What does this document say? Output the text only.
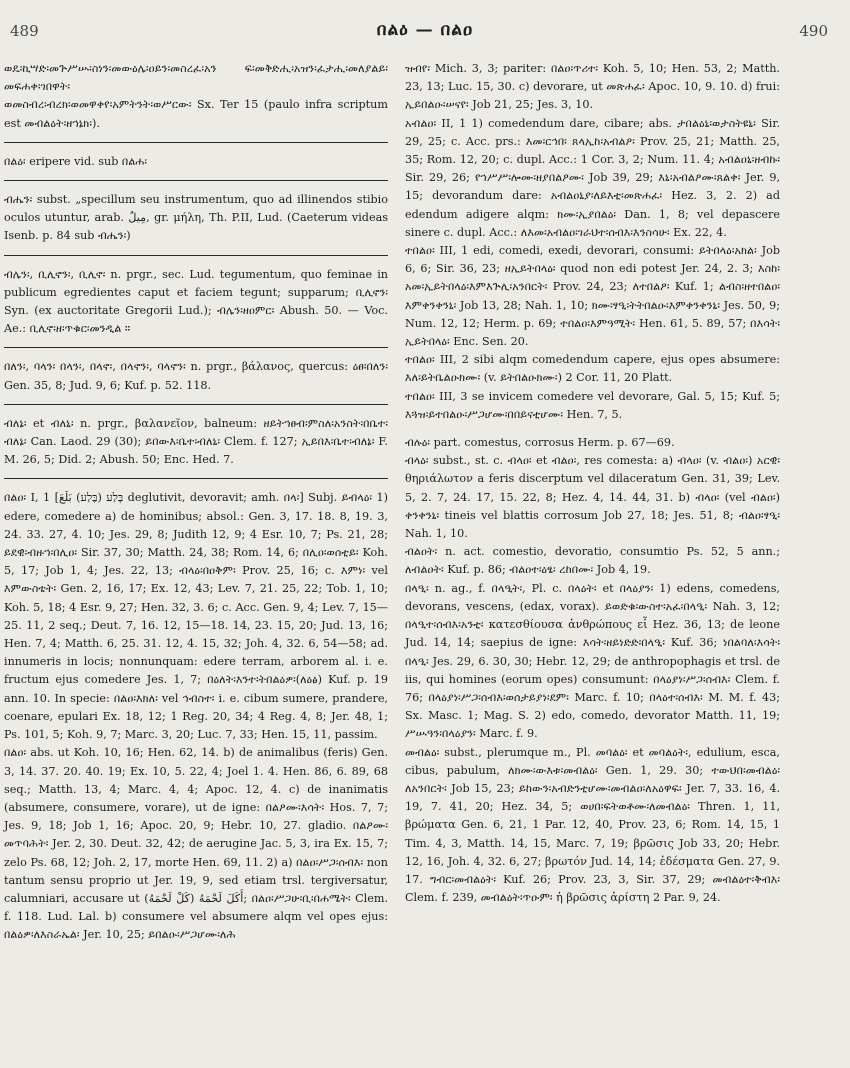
489	በልዕ — በልዐ	490

ወዴ፡ኪሣድ፡መጕሥሡ፡ስነን፡መውዕሌ፡ዐይን፡መስረፈ፡አን ፍ፡መቅድሒ፡አዝን፡ፈታሒ፡መለያልይ፡መፍሐቀ፡ገበዋት፡

ወመስብረ፡ብረክ፡ወመዋቀየ፡አምትንት፡ወሥርው፡ Sx. Ter 15 (paulo infra scriptum est መብልዕት፡ዘኀኔክ፡).

በልዕ፡ eripere vid. sub በልሐ፡

ብሔን፡ subst. „specillum seu instrumentum, quo ad illinendos stibio oculos utuntur, arab. مِيلٌ, gr. μήλη, Th. P.II, Lud. (Caeterum videas Isenb. p. 84 sub ብሔን፡)

ብሌን፡, ቢሊኖን፡, ቢሊኖ፡ n. prgr., sec. Lud. tegumentum, quo feminae in publicum egredientes caput et faciem tegunt; supparum; ቢሊኖን፡ Syn. (ex auctoritate Gregorii Lud.); ብሌን፡ዘዐምር፡ Abush. 50. — Voc. Ae.: ቢሊኖ፡ዘ፡ጥቁር፡መንዲል ።

በለን፡, ባላን፡ በላን፡, በላኖ፡, በላኖን፡, ባላኖን፡ n. prgr., βάλανος, quercus: ዕፀ፡በለን፡ Gen. 35, 8; Jud. 9, 6; Kuf. p. 52. 118.

ብለኔ፡ et ብለኒ፡ n. prgr., βαλανεῖον, balneum: ዘይትኀፀብ፡ምስለ፡አንስት፡በቤተ፡ብለኔ፡ Can. Laod. 29 (30); ይበውእ፡ቤተ፡ብለኒ፡ Clem. f. 127; ኢይበእ፡ቤተ፡ብለኔ፡ F. M. 26, 5; Did. 2; Abush. 50; Enc. Hed. 7.

በልዐ፡ I, 1 [בָּלַע (בֶּלַע) بَلَعَ deglutivit, devoravit; amh. በላ፡] Subj. ይብላዕ፡ 1) edere, comedere a) de hominibus; absol.: Gen. 3, 17. 18. 8, 19. 3, 24. 33. 27, 4. 10; Jes. 29, 8; Judith 12, 9; 4 Esr. 10, 7; Ps. 21, 28; ይደዊ፡ብዙኀ፡በሊዐ፡ Sir. 37, 30; Matth. 24, 38; Rom. 14, 6; በሊዐ፡ወሰቲይ፡ Koh. 5, 17; Job 1, 4; Jes. 22, 13; ብላዕ፡በዐቅም፡ Prov. 25, 16; c. እምነ፡ vel እምውስቴት፡ Gen. 2, 16, 17; Ex. 12, 43; Lev. 7, 21. 25, 22; Tob. 1, 10; Koh. 5, 18; 4 Esr. 9, 27; Hen. 32, 3. 6; c. Acc. Gen. 9, 4; Lev. 7, 15—25. 11, 2 seq.; Deut. 7, 16. 12, 15—18. 14, 23. 15, 20; Jud. 13, 16; Hen. 7, 4; Matth. 6, 25. 31. 12, 4. 15, 32; Joh. 4, 32. 6, 54—58; ad. innumeris in locis; nonnunquam: edere terram, arborem al. i. e. fructum ejus comedere Jes. 1, 7; በዕለት፡እንተ፡ትበልዕዎ፡(ለዕፅ) Kuf. p. 19 ann. 10. In specie: በልዐ፡እክለ፡ vel ኅብስተ፡ i. e. cibum sumere, prandere, coenare, epulari Ex. 18, 12; 1 Reg. 20, 34; 4 Reg. 4, 8; Jer. 48, 1; Ps. 101, 5; Koh. 9, 7; Marc. 3, 20; Luc. 7, 33; Hen. 15, 11, passim.

በልዐ፡ abs. ut Koh. 10, 16; Hen. 62, 14. b) de animalibus (feris) Gen. 3, 14. 37. 20. 40. 19; Ex. 10, 5. 22, 4; Joel 1. 4. Hen. 86, 6. 89, 68 seq.; Matth. 13, 4; Marc. 4, 4; Apoc. 12, 4. c) de inanimatis (absumere, consumere, vorare), ut de igne: በልዖሙ፡እሳት፡ Hos. 7, 7; Jes. 9, 18; Job 1, 16; Apoc. 20, 9; Hebr. 10, 27. gladio. በልዖሙ፡መጥባሕት፡ Jer. 2, 30. Deut. 32, 42; de aerugine Jac. 5, 3, ira Ex. 15, 7; zelo Ps. 68, 12; Joh. 2, 17, morte Hen. 69, 11. 2) a) በልዐ፡ሥጋ፡ሰብእ፡ non tantum sensu proprio ut Jer. 19, 9, sed etiam trsl. tergiversatur, calumniari, accusare ut أَكَلَ لَحْمَهُ (كَلْ لَحْمَهُ); በልዐ፡ሥጋሁ፡ቢ፡በሐሜት፡ Clem. f. 118. Lud. Lal. b) consumere vel absumere alqm vel opes ejus: በልዕዎ፡ለእስራኤል፡ Jer. 10, 25; ይበልዑ፡ሥጋሆሙ፡ለሕ

ዝብየ፡ Mich. 3, 3; pariter: በልዐ፡ጥሪተ፡ Koh. 5, 10; Hen. 53, 2; Matth. 23, 13; Luc. 15, 30. c) devorare, ut መጽሐፈ፡ Apoc. 10, 9. 10. d) frui: ኢይበልዑ፡ሠናየ፡ Job 21, 25; Jes. 3, 10.

አብልዐ፡ II, 1 1) comedendum dare, cibare; abs. ታበልዕኒ፡ወታስትዩኒ፡ Sir. 29, 25; c. Acc. prs.: እመ፡ርኅበ፡ ጸላኢከ፡አብልዖ፡ Prov. 25, 21; Matth. 25, 35; Rom. 12, 20; c. dupl. Acc.: 1 Cor. 3, 2; Num. 11. 4; አብልዐኒ፡ዘብኩ፡ Sir. 29, 26; የኀሥሥ፡ሎሙ፡ዘያበልዖሙ፡ Job 39, 29; እኒ፡አብልዖሙ፡ጸልቀ፡ Jer. 9, 15; devorandum dare: አብልዐኒያ፡ለይእቲ፡መጽሐፈ፡ Hez. 3, 2. 2) ad edendum adigere alqm: ክሙ፡ኢያበልዕ፡ Dan. 1, 8; vel depascere sinere c. dupl. Acc.: ለእመ፡አብልዐ፡ገራህተ፡ሰብእ፡እንስሳሁ፡ Ex. 22, 4.

ተበልዐ፡ III, 1 edi, comedi, exedi, devorari, consumi: ይትበላዕ፡አክል፡ Job 6, 6; Sir. 36, 23; ዘኢይትበላዕ፡ quod non edi potest Jer. 24, 2. 3; እስከ፡አመ፡ኢይትበላዕ፡እምእጕሊ፡አንበርት፡ Prov. 24, 23; ለተበልዖ፡ Kuf. 1; ልብስ፡ዘተበልዐ፡እምቀንቀንኒ፡ Job 13, 28; Nah. 1, 10; ክሙ፡ፃዒ፡ትትበልዑ፡እምቀንቀንኒ፡ Jes. 50, 9; Num. 12, 12; Herm. p. 69; ተበልዐ፡እምዓሚት፡ Hen. 61, 5. 89, 57; በእሳት፡ኢይትበላዕ፡ Enc. Sen. 20.

ተበልዐ፡ III, 2 sibi alqm comedendum capere, ejus opes absumere: እለ፡ይትቤልዑክሙ፡ (v. ይትበልዑክሙ፡) 2 Cor. 11, 20 Platt.

ተበልዐ፡ III, 3 se invicem comedere vel devorare, Gal. 5, 15; Kuf. 5; እጓዝ፡ይተበልዑ፡ሥጋሆሙ፡በበይናቲሆሙ፡ Hen. 7, 5.

ብሉዕ፡ part. comestus, corrosus Herm. p. 67—69.

ብላዕ፡ subst., st. c. ብላዐ፡ et ብልዐ፡, res comesta: a) ብላዐ፡ (v. ብልዐ፡) አርዊ፡ θηριάλωτον a feris discerptum vel dilaceratum Gen. 31, 39; Lev. 5, 2. 7, 24. 17, 15. 22, 8; Hez. 4, 14. 44, 31. b) ብላዐ፡ (vel ብልዐ፡) ቀንቀንኒ፡ tineis vel blattis corrosum Job 27, 18; Jes. 51, 8; ብልዐ፡ፃዒ፡ Nah. 1, 10.

ብልዐት፡ n. act. comestio, devoratio, consumtio Ps. 52, 5 ann.; ለብልዐት፡ Kuf. p. 86; ብልዐተ፡ዕፄ፡ ረከበሙ፡ Job 4, 19.

በላዒ፡ n. ag., f. በላዒት፡, Pl. c. በላዕት፡ et በላዕያን፡ 1) edens, comedens, devorans, vescens, (edax, vorax). ይወድቁ፡ውስተ፡አፈ፡በላዒ፡ Nah. 3, 12; በላዒተ፡ሰብእ፡አንቲ፡ κατεσθίουσα ἀνθρώπους εἶ Hez. 36, 13; de leone Jud. 14, 14; saepius de igne: እሳት፡ዘይነድድ፡በላዒ፡ Kuf. 36; ነበልባለ፡እሳት፡በላዒ፡ Jes. 29, 6. 30, 30; Hebr. 12, 29; de anthropophagis et trsl. de iis, qui homines (eorum opes) consumunt: በላዕያነ፡ሥጋ፡ሰብእ፡ Clem. f. 76; በላዕያነ፡ሥጋ፡ሰብእ፡ወሰታይያነ፡ደም፡ Marc. f. 10; በላዕተ፡ሰብእ፡ M. M. f. 43; Sx. Masc. 1; Mag. S. 2) edo, comedo, devorator Matth. 11, 19; ሥሡዓን፡በላዕያን፡ Marc. f. 9.

መብልዕ፡ subst., plerumque m., Pl. መባልዕ፡ et መባልዕት፡, edulium, esca, cibus, pabulum, ለክሙ፡ውእቱ፡መብልዕ፡ Gen. 1, 29. 30; ተውህበ፡መብልዕ፡ለአንበርት፡ Job 15, 23; ይከውን፡አብድንቲሆሙ፡መብልዐ፡ለአዕዋፍ፡ Jer. 7, 33. 16, 4. 19, 7. 41, 20; Hez. 34, 5; ወሀበ፡ፍትወቶሙ፡ለመብልዕ፡ Thren. 1, 11, βρώματα Gen. 6, 21, 1 Par. 12, 40, Prov. 23, 6; Rom. 14, 15, 1 Tim. 4, 3, Matth. 14, 15, Marc. 7, 19; βρῶσις Job 33, 20; Hebr. 12, 16, Joh. 4, 32. 6, 27; βρωτόν Jud. 14, 14; ἐδέσματα Gen. 27, 9. 17. ግብር፡መብልዕት፡ Kuf. 26; Prov. 23, 3, Sir. 37, 29; መብልዕተ፡ቅብእ፡ Clem. f. 239, መብልዕት፡ጥዑም፡ ἡ βρῶσις ἀρίστη 2 Par. 9, 24.
